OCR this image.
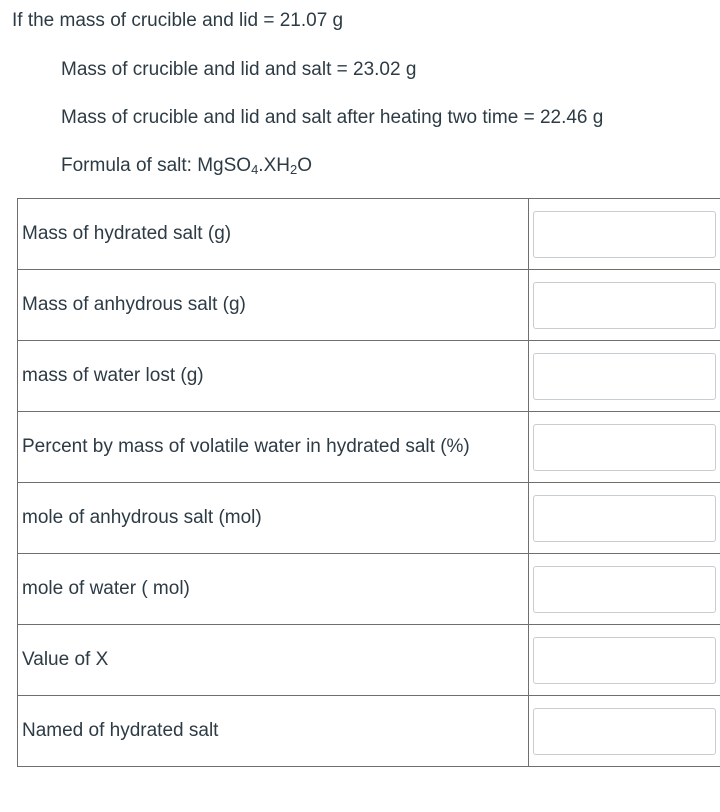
If the mass of crucible and lid = 21.07 g
Mass of crucible and lid and salt = 23.02 g
Mass of crucible and lid and salt after heating two time = 22.46 g
Formula of salt: $MgSO_4.XH_2O$
Mass of hydrated salt (g)	

Mass of anhydrous salt (g)	

mass of water lost (g)	

Percent by mass of volatile water in hydrated salt (%)	

mole of anhydrous salt (mol)	

mole of water ( mol)	

Value of X	

Named of hydrated salt	
